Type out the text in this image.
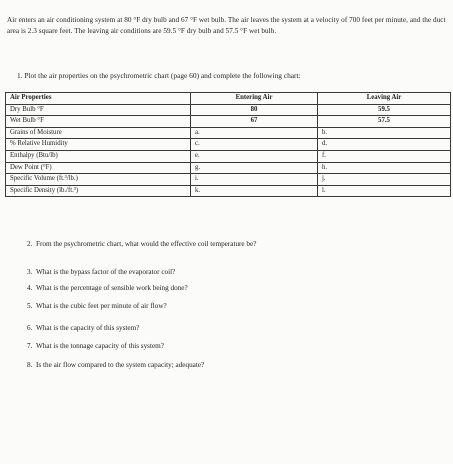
Air enters an air conditioning system at 80 °F dry bulb and 67 °F wet bulb. The air leaves the system at a velocity of 700 feet per minute, and the duct area is 2.3 square feet. The leaving air conditions are 59.5 °F dry bulb and 57.5 °F wet bulb.
1. Plot the air properties on the psychrometric chart (page 60) and complete the following chart:
Air Properties	Entering Air	Leaving Air
Dry Bulb °F	80	59.5
Wet Bulb °F	67	57.5
Grains of Moisture	a.	b.
% Relative Humidity	c.	d.
Enthalpy (Btu/lb)	e.	f.
Dew Point (°F)	g.	h.
Specific Volume (ft.³/lb.)	i.	j.
Specific Density (lb./ft.³)	k.	l.
2. From the psychrometric chart, what would the effective coil temperature be?
3. What is the bypass factor of the evaporator coil?
4. What is the percentage of sensible work being done?
5. What is the cubic feet per minute of air flow?
6. What is the capacity of this system?
7. What is the tonnage capacity of this system?
8. Is the air flow compared to the system capacity; adequate?
